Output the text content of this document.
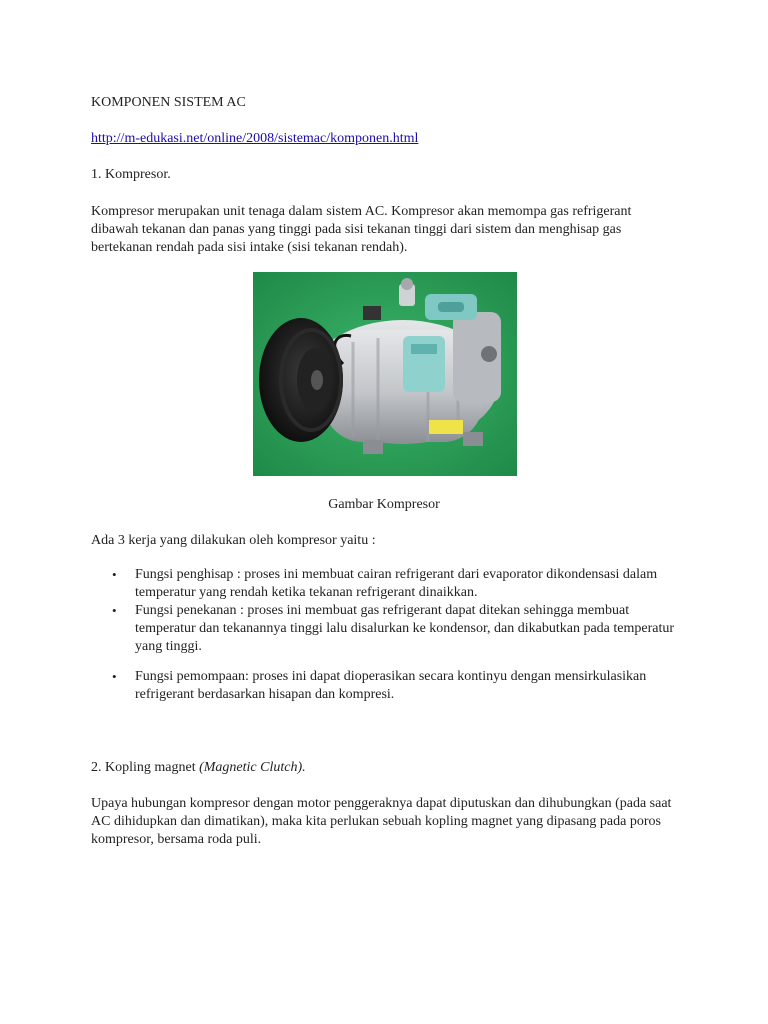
KOMPONEN SISTEM AC
http://m-edukasi.net/online/2008/sistemac/komponen.html
1. Kompresor.
Kompresor merupakan unit tenaga dalam sistem AC. Kompresor akan memompa gas refrigerant dibawah tekanan dan panas yang tinggi pada sisi tekanan tinggi dari sistem dan menghisap gas bertekanan rendah pada sisi intake (sisi tekanan rendah).
Gambar Kompresor
Ada 3 kerja yang dilakukan oleh kompresor yaitu :
• Fungsi penghisap : proses ini membuat cairan refrigerant dari evaporator dikondensasi dalam temperatur yang rendah ketika tekanan refrigerant dinaikkan.
• Fungsi penekanan : proses ini membuat gas refrigerant dapat ditekan sehingga membuat temperatur dan tekanannya tinggi lalu disalurkan ke kondensor, dan dikabutkan pada temperatur yang tinggi.
• Fungsi pemompaan: proses ini dapat dioperasikan secara kontinyu dengan mensirkulasikan refrigerant berdasarkan hisapan dan kompresi.
2. Kopling magnet (Magnetic Clutch).
Upaya hubungan kompresor dengan motor penggeraknya dapat diputuskan dan dihubungkan (pada saat AC dihidupkan dan dimatikan), maka kita perlukan sebuah kopling magnet yang dipasang pada poros kompresor, bersama roda puli.
